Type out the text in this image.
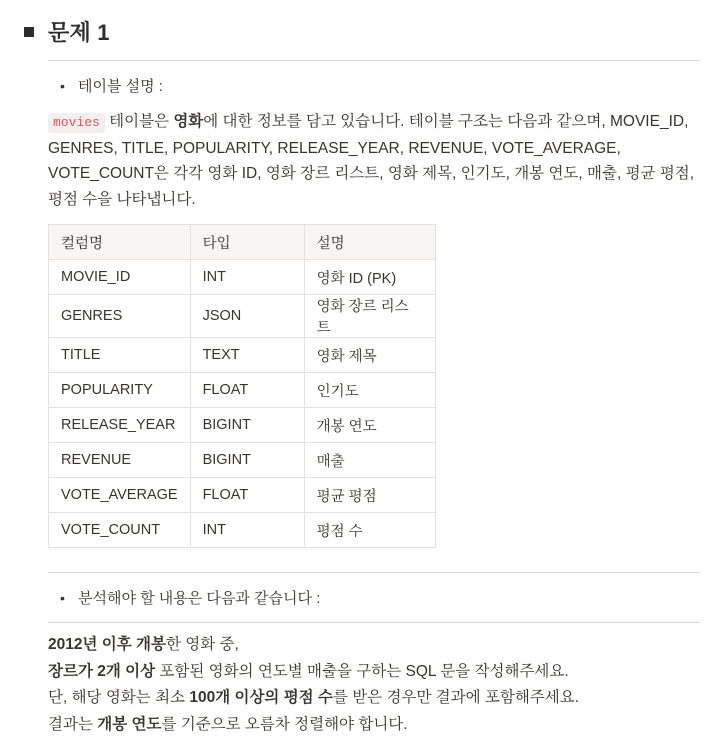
문제 1
• 테이블 설명 :

movies 테이블은 영화에 대한 정보를 담고 있습니다. 테이블 구조는 다음과 같으며, MOVIE_ID, GENRES, TITLE, POPULARITY, RELEASE_YEAR, REVENUE, VOTE_AVERAGE, VOTE_COUNT은 각각 영화 ID, 영화 장르 리스트, 영화 제목, 인기도, 개봉 연도, 매출, 평균 평점, 평점 수을 나타냅니다.

컬럼명	타입	설명
MOVIE_ID	INT	영화 ID (PK)
GENRES	JSON	영화 장르 리스트
TITLE	TEXT	영화 제목
POPULARITY	FLOAT	인기도
RELEASE_YEAR	BIGINT	개봉 연도
REVENUE	BIGINT	매출
VOTE_AVERAGE	FLOAT	평균 평점
VOTE_COUNT	INT	평점 수
• 분석해야 할 내용은 다음과 같습니다 :

2012년 이후 개봉한 영화 중,
장르가 2개 이상 포함된 영화의 연도별 매출을 구하는 SQL 문을 작성해주세요.
단, 해당 영화는 최소 100개 이상의 평점 수를 받은 경우만 결과에 포함해주세요.
결과는 개봉 연도를 기준으로 오름차 정렬해야 합니다.
